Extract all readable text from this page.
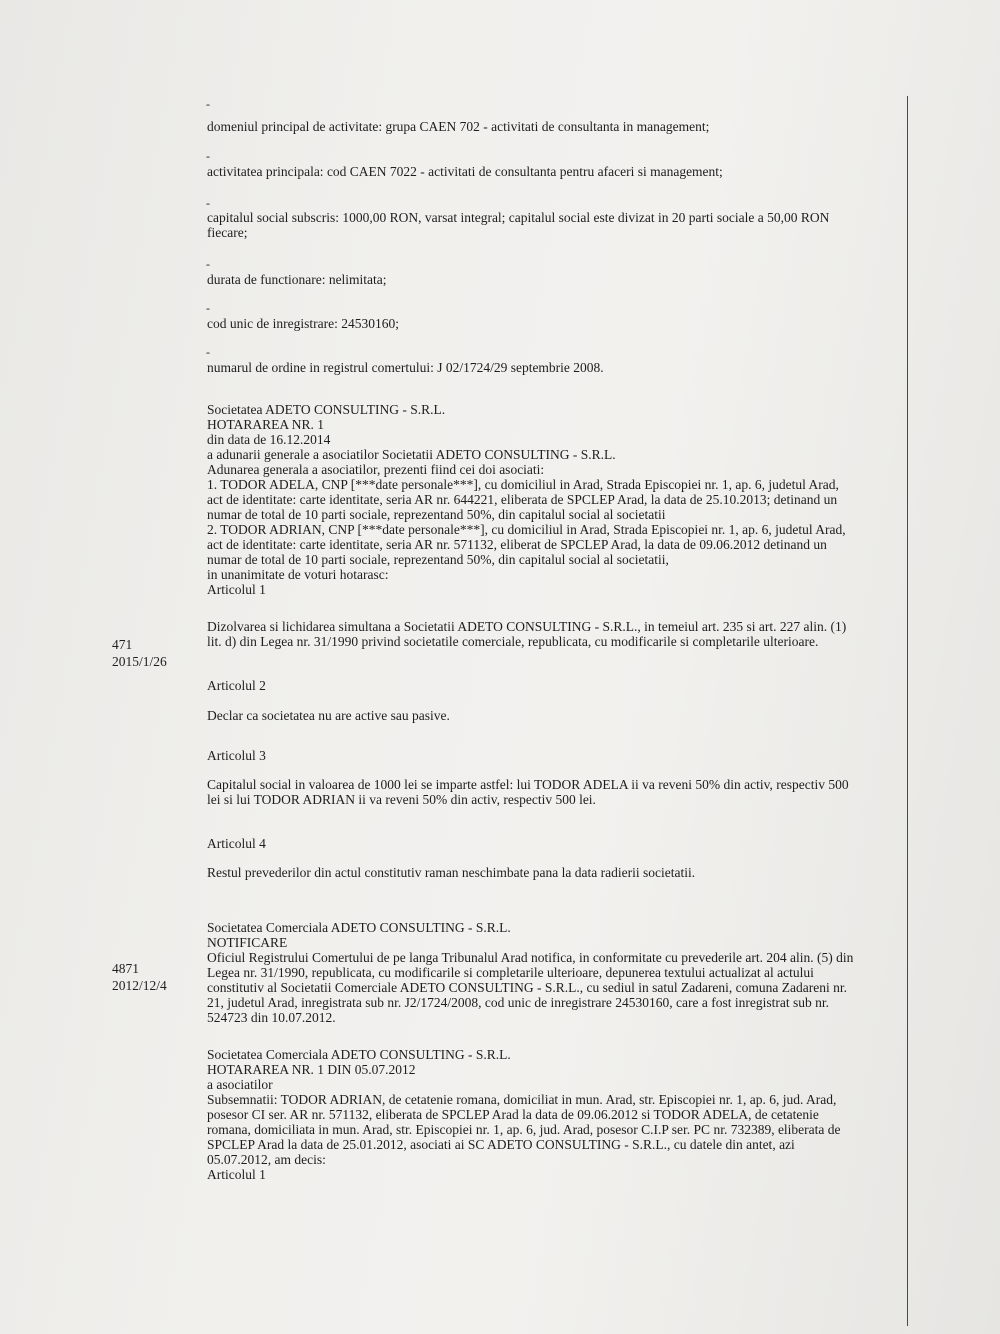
-
domeniul principal de activitate: grupa CAEN 702 - activitati de consultanta in management;
-
activitatea principala: cod CAEN 7022 - activitati de consultanta pentru afaceri si management;
-
capitalul social subscris: 1000,00 RON, varsat integral; capitalul social este divizat in 20 parti sociale a 50,00 RON
fiecare;
-
durata de functionare: nelimitata;
-
cod unic de inregistrare: 24530160;
-
numarul de ordine in registrul comertului: J 02/1724/29 septembrie 2008.
471
2015/1/26
Societatea ADETO CONSULTING - S.R.L.
HOTARAREA NR. 1
din data de 16.12.2014
a adunarii generale a asociatilor Societatii ADETO CONSULTING - S.R.L.
Adunarea generala a asociatilor, prezenti fiind cei doi asociati:
1. TODOR ADELA, CNP [***date personale***], cu domiciliul in Arad, Strada Episcopiei nr. 1, ap. 6, judetul Arad,
act de identitate: carte identitate, seria AR nr. 644221, eliberata de SPCLEP Arad, la data de 25.10.2013; detinand un
numar de total de 10 parti sociale, reprezentand 50%, din capitalul social al societatii
2. TODOR ADRIAN, CNP [***date personale***], cu domiciliul in Arad, Strada Episcopiei nr. 1, ap. 6, judetul Arad,
act de identitate: carte identitate, seria AR nr. 571132, eliberat de SPCLEP Arad, la data de 09.06.2012 detinand un
numar de total de 10 parti sociale, reprezentand 50%, din capitalul social al societatii,
in unanimitate de voturi hotarasc:
Articolul 1
Dizolvarea si lichidarea simultana a Societatii ADETO CONSULTING - S.R.L., in temeiul art. 235 si art. 227 alin. (1)
lit. d) din Legea nr. 31/1990 privind societatile comerciale, republicata, cu modificarile si completarile ulterioare.
Articolul 2
Declar ca societatea nu are active sau pasive.
Articolul 3
Capitalul social in valoarea de 1000 lei se imparte astfel: lui TODOR ADELA ii va reveni 50% din activ, respectiv 500
lei si lui TODOR ADRIAN ii va reveni 50% din activ, respectiv 500 lei.
Articolul 4
Restul prevederilor din actul constitutiv raman neschimbate pana la data radierii societatii.
4871
2012/12/4
Societatea Comerciala ADETO CONSULTING - S.R.L.
NOTIFICARE
Oficiul Registrului Comertului de pe langa Tribunalul Arad notifica, in conformitate cu prevederile art. 204 alin. (5) din
Legea nr. 31/1990, republicata, cu modificarile si completarile ulterioare, depunerea textului actualizat al actului
constitutiv al Societatii Comerciale ADETO CONSULTING - S.R.L., cu sediul in satul Zadareni, comuna Zadareni nr.
21, judetul Arad, inregistrata sub nr. J2/1724/2008, cod unic de inregistrare 24530160, care a fost inregistrat sub nr.
524723 din 10.07.2012.
Societatea Comerciala ADETO CONSULTING - S.R.L.
HOTARAREA NR. 1 DIN 05.07.2012
a asociatilor
Subsemnatii: TODOR ADRIAN, de cetatenie romana, domiciliat in mun. Arad, str. Episcopiei nr. 1, ap. 6, jud. Arad,
posesor CI ser. AR nr. 571132, eliberata de SPCLEP Arad la data de 09.06.2012 si TODOR ADELA, de cetatenie
romana, domiciliata in mun. Arad, str. Episcopiei nr. 1, ap. 6, jud. Arad, posesor C.I.P ser. PC nr. 732389, eliberata de
SPCLEP Arad la data de 25.01.2012, asociati ai SC ADETO CONSULTING - S.R.L., cu datele din antet, azi
05.07.2012, am decis:
Articolul 1
